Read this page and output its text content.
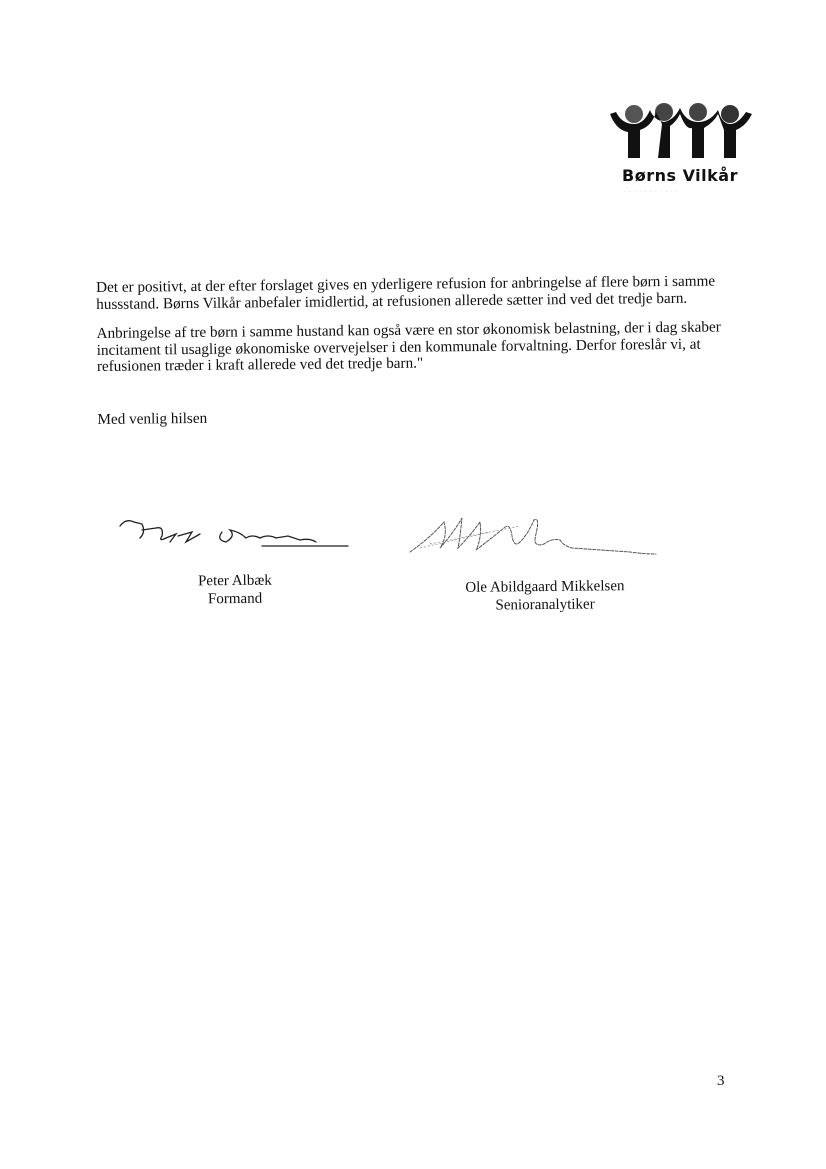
Børns Vilkår
· · · · · · · · · · ·

Det er positivt, at der efter forslaget gives en yderligere refusion for anbringelse af flere børn i samme hussstand. Børns Vilkår anbefaler imidlertid, at refusionen allerede sætter ind ved det tredje barn.

Anbringelse af tre børn i samme hustand kan også være en stor økonomisk belastning, der i dag skaber incitament til usaglige økonomiske overvejelser i den kommunale forvaltning. Derfor foreslår vi, at refusionen træder i kraft allerede ved det tredje barn."

Med venlig hilsen

Peter Albæk
Formand
Ole Abildgaard Mikkelsen
Senioranalytiker
3
